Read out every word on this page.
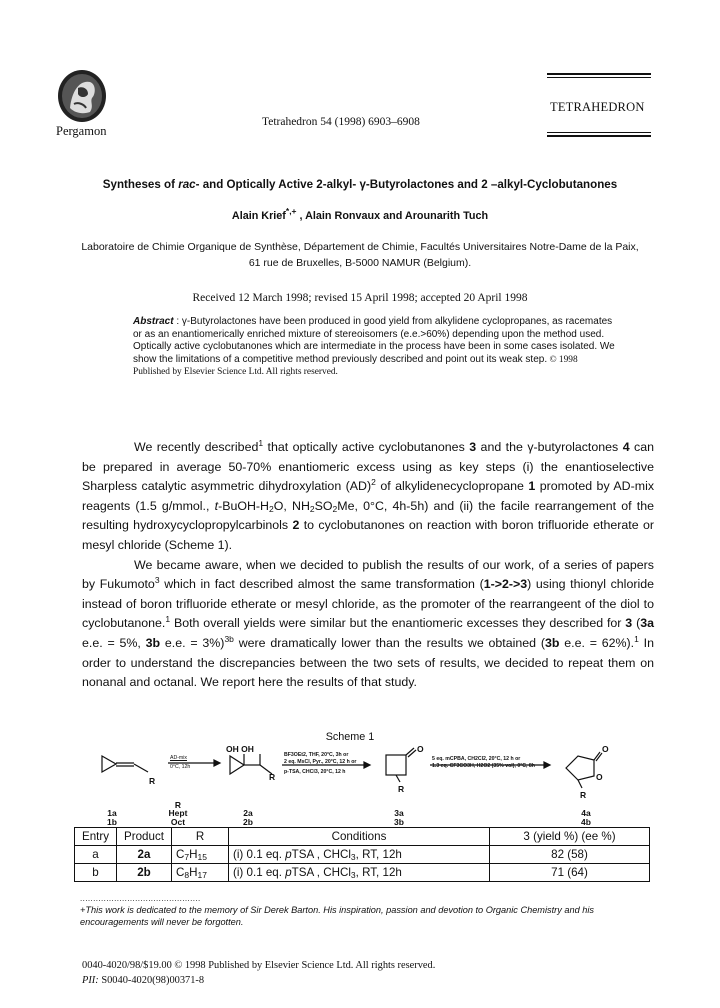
Pergamon
Tetrahedron 54 (1998) 6903–6908
TETRAHEDRON
Syntheses of rac- and Optically Active 2-alkyl- γ-Butyrolactones and 2 –alkyl-Cyclobutanones
Alain Krief*,+ , Alain Ronvaux and Arounarith Tuch
Laboratoire de Chimie Organique de Synthèse, Département de Chimie, Facultés Universitaires Notre-Dame de la Paix,
61 rue de Bruxelles, B-5000 NAMUR (Belgium).
Received 12 March 1998; revised 15 April 1998; accepted 20 April 1998
Abstract : γ-Butyrolactones have been produced in good yield from alkylidene cyclopropanes, as racemates or as an enantiomerically enriched mixture of stereoisomers (e.e.>60%) depending upon the method used. Optically active cyclobutanones which are intermediate in the process have been in some cases isolated. We show the limitations of a competitive method previously described and point out its weak step. © 1998 Published by Elsevier Science Ltd. All rights reserved.

We recently described$^1$ that optically active cyclobutanones 3 and the γ-butyrolactones 4 can be prepared in average 50-70% enantiomeric excess using as key steps (i) the enantioselective Sharpless catalytic asymmetric dihydroxylation (AD)$^2$ of alkylidenecyclopropane 1 promoted by AD-mix reagents (1.5 g/mmol., $t-BuOH-H_2O$, $NH_2SO_2Me$, 0°C, 4h-5h) and (ii) the facile rearrangement of the resulting hydroxycyclopropylcarbinols 2 to cyclobutanones on reaction with boron trifluoride etherate or mesyl chloride (Scheme 1).

We became aware, when we decided to publish the results of our work, of a series of papers by Fukumoto$^3$ which in fact described almost the same transformation (1->2->3) using thionyl chloride instead of boron trifluoride etherate or mesyl chloride, as the promoter of the rearrangeent of the diol to cyclobutanone.$^1$ Both overall yields were similar but the enantiomeric excesses they described for 3 (3a e.e. = 5%, 3b e.e. = 3%)$^{3b}$ were dramatically lower than the results we obtained (3b e.e. = 62%).$^1$ In order to understand the discrepancies between the two sets of results, we decided to repeat them on nonanal and octanal. We report here the results of that study.

Scheme 1
AD-mix
0°C, 12h
OH OH
BF3OEt2, THF, 20°C, 3h or
2 eq. MsCl, Pyr., 20°C, 12 h or
p-TSA, CHCl3, 20°C, 12 h
5 eq. mCPBA, CH2Cl2, 20°C, 12 h or
1.3 eq. CF3CO3H, H2O2 (35% vol), 0°C, 8h
R	R
R
R
O	O
O
1a
1b
R
Hept
Oct
2a
2b
3a
3b
4a
4b
Entry	Product	R	Conditions	3 (yield %) (ee %)
a	2a	$C_7H_{15}$	(i) 0.1 eq. pTSA , CHCl$_3$, RT, 12h	82 (58)
b	2b	$C_8H_{17}$	(i) 0.1 eq. pTSA , CHCl$_3$, RT, 12h	71 (64)
..............................................
+This work is dedicated to the memory of Sir Derek Barton. His inspiration, passion and devotion to Organic Chemistry and his encouragements will never be forgotten.
0040-4020/98/$19.00 © 1998 Published by Elsevier Science Ltd. All rights reserved.
PII: S0040-4020(98)00371-8
